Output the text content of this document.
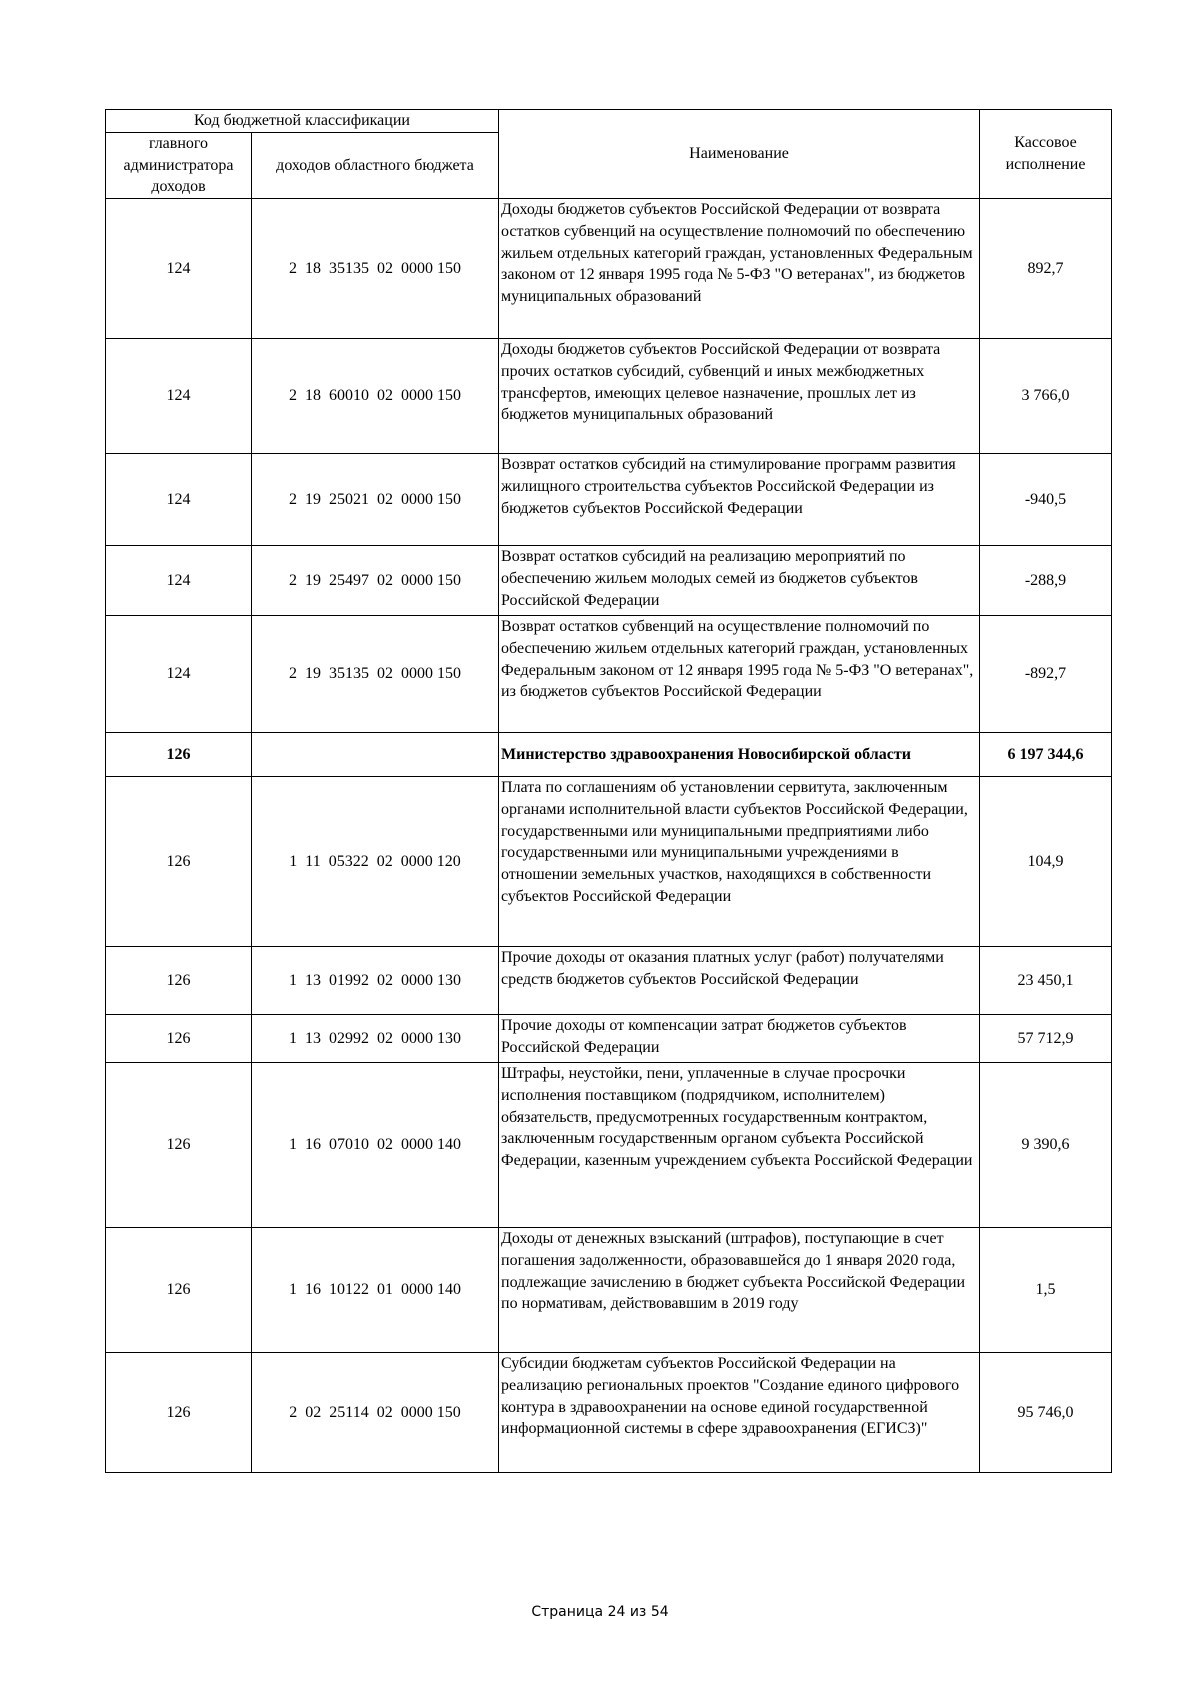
Код бюджетной классификации		Наименование	Кассовое исполнение
главного администратора доходов	доходов областного бюджета		
124	2  18  35135  02  0000 150	Доходы бюджетов субъектов Российской Федерации от возврата остатков субвенций на осуществление полномочий по обеспечению жильем отдельных категорий граждан, установленных Федеральным законом от 12 января 1995 года № 5-ФЗ "О ветеранах", из бюджетов муниципальных образований	892,7
124	2  18  60010  02  0000 150	Доходы бюджетов субъектов Российской Федерации от возврата прочих остатков субсидий, субвенций и иных межбюджетных трансфертов, имеющих целевое назначение, прошлых лет из бюджетов муниципальных образований	3 766,0
124	2  19  25021  02  0000 150	Возврат остатков субсидий на стимулирование программ развития жилищного строительства субъектов Российской Федерации из бюджетов субъектов Российской Федерации	-940,5
124	2  19  25497  02  0000 150	Возврат остатков субсидий на реализацию мероприятий по обеспечению жильем молодых семей из бюджетов субъектов Российской Федерации	-288,9
124	2  19  35135  02  0000 150	Возврат остатков субвенций на осуществление полномочий по обеспечению жильем отдельных категорий граждан, установленных Федеральным законом от 12 января 1995 года № 5-ФЗ "О ветеранах", из бюджетов субъектов Российской Федерации	-892,7
126		Министерство здравоохранения Новосибирской области	6 197 344,6
126	1  11  05322  02  0000 120	Плата по соглашениям об установлении сервитута, заключенным органами исполнительной власти субъектов Российской Федерации, государственными или муниципальными предприятиями либо государственными или муниципальными учреждениями в отношении земельных участков, находящихся в собственности субъектов Российской Федерации	104,9
126	1  13  01992  02  0000 130	Прочие доходы от оказания платных услуг (работ) получателями средств бюджетов субъектов Российской Федерации	23 450,1
126	1  13  02992  02  0000 130	Прочие доходы от компенсации затрат бюджетов субъектов Российской Федерации	57 712,9
126	1  16  07010  02  0000 140	Штрафы, неустойки, пени, уплаченные в случае просрочки исполнения поставщиком (подрядчиком, исполнителем) обязательств, предусмотренных государственным контрактом, заключенным государственным органом субъекта Российской Федерации, казенным учреждением субъекта Российской Федерации	9 390,6
126	1  16  10122  01  0000 140	Доходы от денежных взысканий (штрафов), поступающие в счет погашения задолженности, образовавшейся до 1 января 2020 года, подлежащие зачислению в бюджет субъекта Российской Федерации по нормативам, действовавшим в 2019 году	1,5
126	2  02  25114  02  0000 150	Субсидии бюджетам субъектов Российской Федерации на реализацию региональных проектов "Создание единого цифрового контура в здравоохранении на основе единой государственной информационной системы в сфере здравоохранения (ЕГИСЗ)"	95 746,0
Страница 24 из 54
